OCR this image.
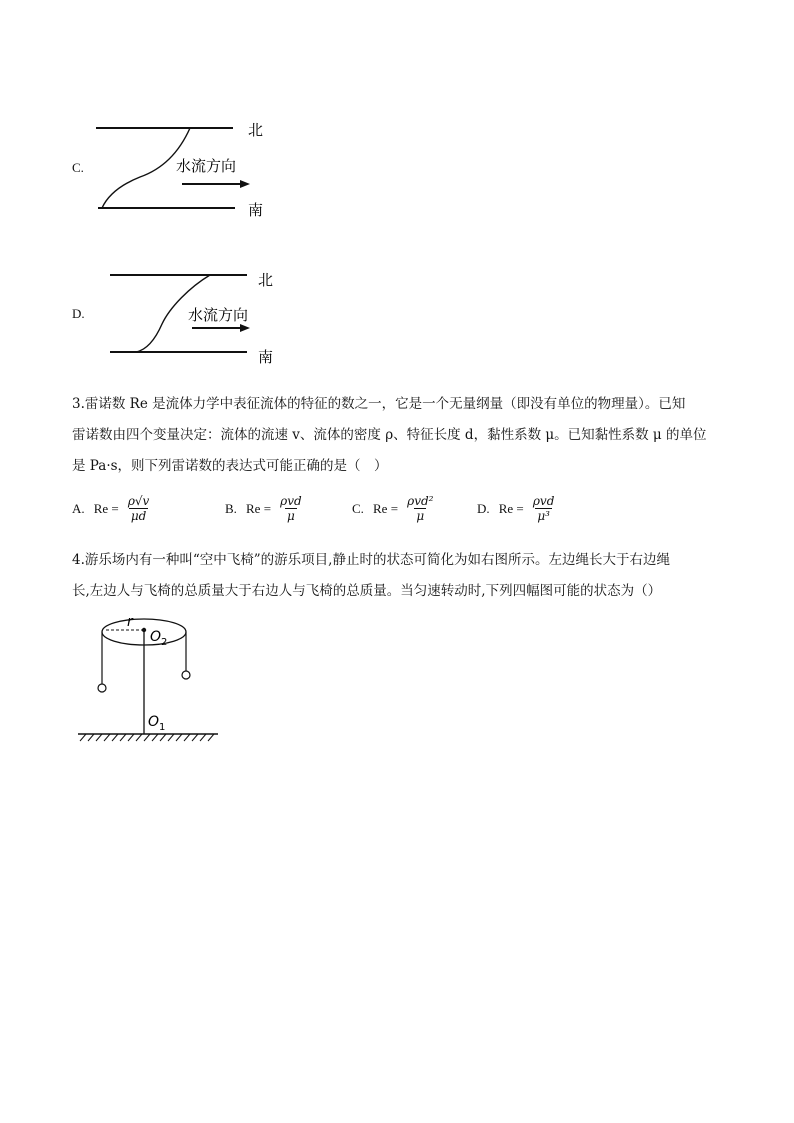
C.
北
南
水流方向
D.
北
南
水流方向
3.雷诺数 Re 是流体力学中表征流体的特征的数之一，它是一个无量纲量（即没有单位的物理量）。已知
雷诺数由四个变量决定：流体的流速 v、流体的密度 ρ、特征长度 d，黏性系数 μ。已知黏性系数 μ 的单位
是 Pa·s，则下列雷诺数的表达式可能正确的是（　）
A. $Re = \frac{\rho√v}{\mu d}$	B. $Re = \frac{\text{ρvd}}{\mu}$	C. $Re = \frac{\text{ρvd²}}{\mu}$	D. $Re = \frac{\text{ρvd}}{\text{μ³}}$
4.游乐场内有一种叫“空中飞椅”的游乐项目,静止时的状态可简化为如右图所示。左边绳长大于右边绳
长,左边人与飞椅的总质量大于右边人与飞椅的总质量。当匀速转动时,下列四幅图可能的状态为（）
r
$O_2$
$O_1$
